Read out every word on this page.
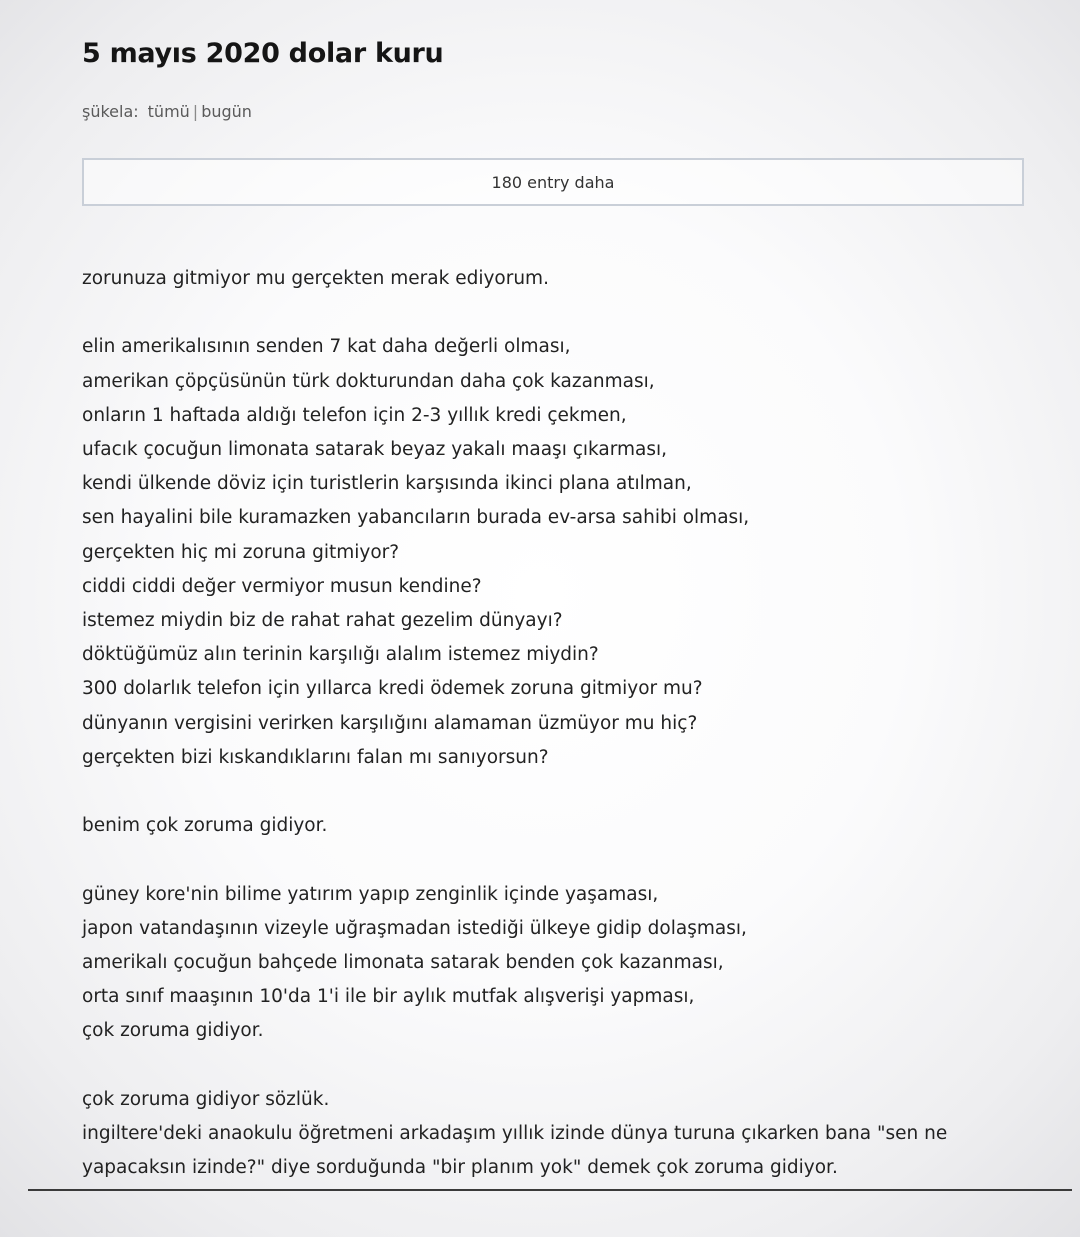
5 mayıs 2020 dolar kuru
şükela: tümü | bugün
180 entry daha

zorunuza gitmiyor mu gerçekten merak ediyorum.

elin amerikalısının senden 7 kat daha değerli olması,

amerikan çöpçüsünün türk dokturundan daha çok kazanması,

onların 1 haftada aldığı telefon için 2-3 yıllık kredi çekmen,

ufacık çocuğun limonata satarak beyaz yakalı maaşı çıkarması,

kendi ülkende döviz için turistlerin karşısında ikinci plana atılman,

sen hayalini bile kuramazken yabancıların burada ev-arsa sahibi olması,

gerçekten hiç mi zoruna gitmiyor?

ciddi ciddi değer vermiyor musun kendine?

istemez miydin biz de rahat rahat gezelim dünyayı?

döktüğümüz alın terinin karşılığı alalım istemez miydin?

300 dolarlık telefon için yıllarca kredi ödemek zoruna gitmiyor mu?

dünyanın vergisini verirken karşılığını alamaman üzmüyor mu hiç?

gerçekten bizi kıskandıklarını falan mı sanıyorsun?

benim çok zoruma gidiyor.

güney kore'nin bilime yatırım yapıp zenginlik içinde yaşaması,

japon vatandaşının vizeyle uğraşmadan istediği ülkeye gidip dolaşması,

amerikalı çocuğun bahçede limonata satarak benden çok kazanması,

orta sınıf maaşının 10'da 1'i ile bir aylık mutfak alışverişi yapması,

çok zoruma gidiyor.

çok zoruma gidiyor sözlük.

ingiltere'deki anaokulu öğretmeni arkadaşım yıllık izinde dünya turuna çıkarken bana "sen ne

yapacaksın izinde?" diye sorduğunda "bir planım yok" demek çok zoruma gidiyor.
